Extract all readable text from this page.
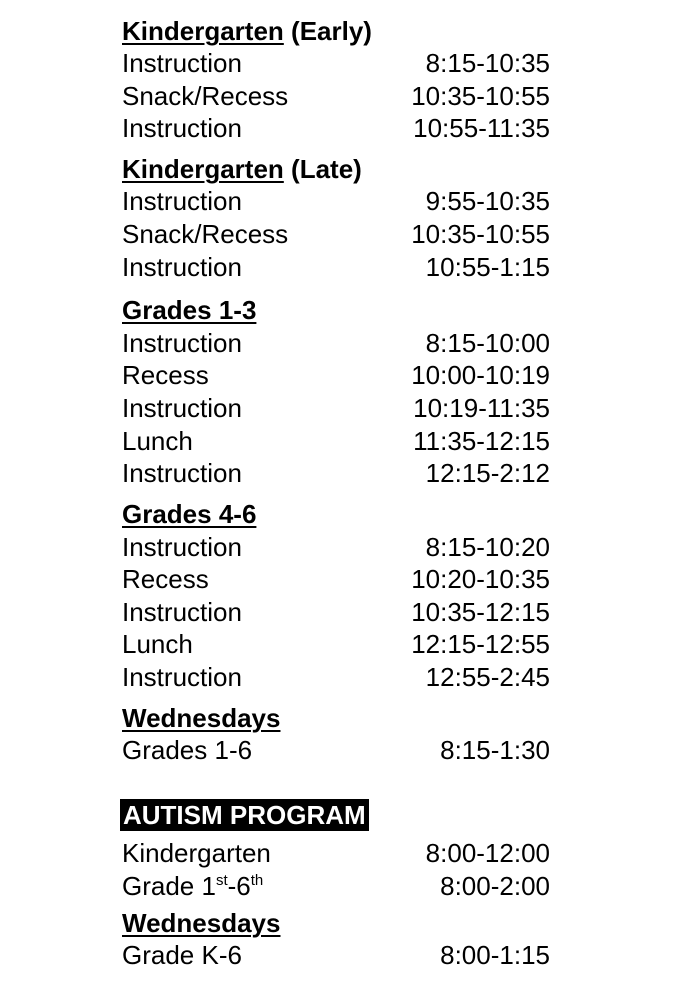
Kindergarten (Early)
Instruction	8:15-10:35
Snack/Recess	10:35-10:55
Instruction	10:55-11:35
Kindergarten (Late)
Instruction	9:55-10:35
Snack/Recess	10:35-10:55
Instruction	10:55-1:15
Grades 1-3
Instruction	8:15-10:00
Recess	10:00-10:19
Instruction	10:19-11:35
Lunch	11:35-12:15
Instruction	12:15-2:12
Grades 4-6
Instruction	8:15-10:20
Recess	10:20-10:35
Instruction	10:35-12:15
Lunch	12:15-12:55
Instruction	12:55-2:45
Wednesdays
Grades 1-6	8:15-1:30
AUTISM PROGRAM
Kindergarten	8:00-12:00
Grade 1st-6th	8:00-2:00
Wednesdays
Grade K-6	8:00-1:15
